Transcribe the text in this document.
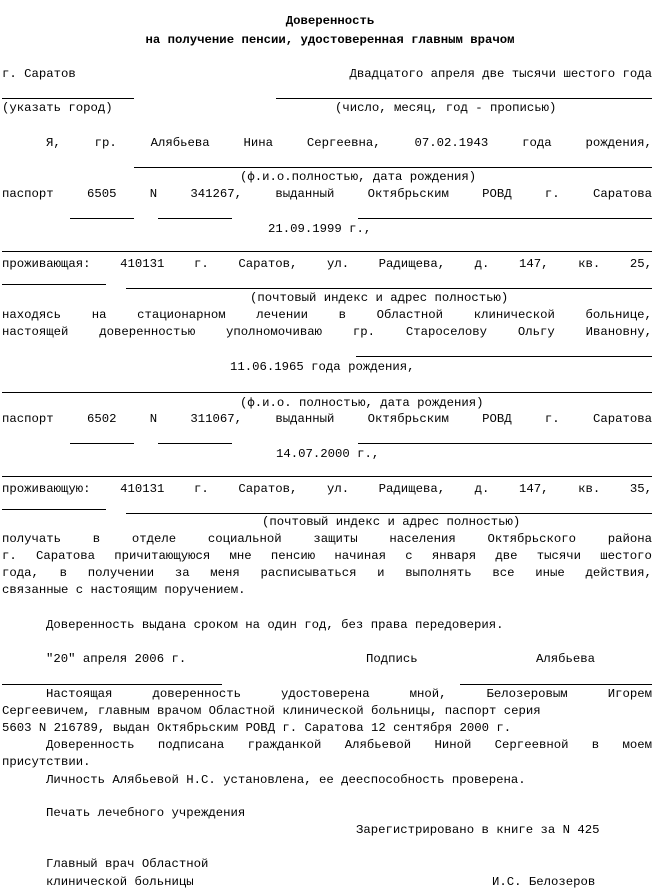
Доверенность
на получение пенсии, удостоверенная главным врачом
г. Саратов	Двадцатого апреля две тысячи шестого года
(указать город)	(число, месяц, год - прописью)
Я,	гр.	Алябьева	Нина	Сергеевна,	07.02.1943 года	рождения,
(ф.и.о.полностью, дата рождения)
паспорт	6505	N 341267,	выданный	Октябрьским	РОВД г. Саратова
21.09.1999 г.,
проживающая: 410131 г. Саратов, ул. Радищева, д. 147, кв. 25,
(почтовый индекс и адрес полностью)
находясь на стационарном лечении в Областной клинической больнице,
настоящей	доверенностью	уполномочиваю	гр.	Староселову	Ольгу	Ивановну,
11.06.1965 года рождения,
(ф.и.о. полностью, дата рождения)
паспорт	6502	N 311067,	выданный	Октябрьским	РОВД г. Саратова
14.07.2000 г.,
проживающую: 410131 г. Саратов, ул. Радищева, д. 147, кв. 35,
(почтовый индекс и адрес полностью)
получать	в	отделе	социальной	защиты	населения	Октябрьского	района
г. Саратова причитающуюся мне пенсию начиная с января две тысячи шестого
года, в получении за меня расписываться и выполнять все иные действия,
связанные с настоящим поручением.
Доверенность выдана сроком на один год, без права передоверия.
"20" апреля 2006 г.	Подпись	Алябьева
Настоящая	доверенность	удостоверена	мной,	Белозеровым	Игорем
Сергеевичем, главным врачом Областной клинической больницы, паспорт серия
5603 N 216789, выдан Октябрьским РОВД г. Саратова 12 сентября 2000 г.
Доверенность подписана гражданкой Алябьевой Ниной Сергеевной в моем
присутствии.
Личность Алябьевой Н.С. установлена, ее дееспособность проверена.
Печать лечебного учреждения
Зарегистрировано в книге за N 425
Главный врач Областной
клинической больницы	И.С. Белозеров
